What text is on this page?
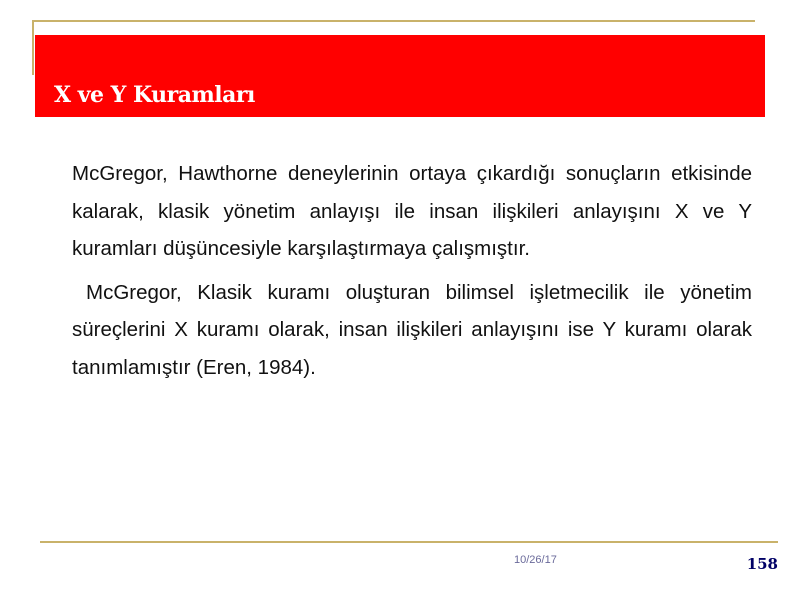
X ve Y Kuramları

McGregor, Hawthorne deneylerinin ortaya çıkardığı sonuçların etkisinde kalarak, klasik yönetim anlayışı ile insan ilişkileri anlayışını X ve Y kuramları düşüncesiyle karşılaştırmaya çalışmıştır.

McGregor, Klasik kuramı oluşturan bilimsel işletmecilik ile yönetim süreçlerini X kuramı olarak, insan ilişkileri anlayışını ise Y kuramı olarak tanımlamıştır (Eren, 1984).

10/26/17	158
